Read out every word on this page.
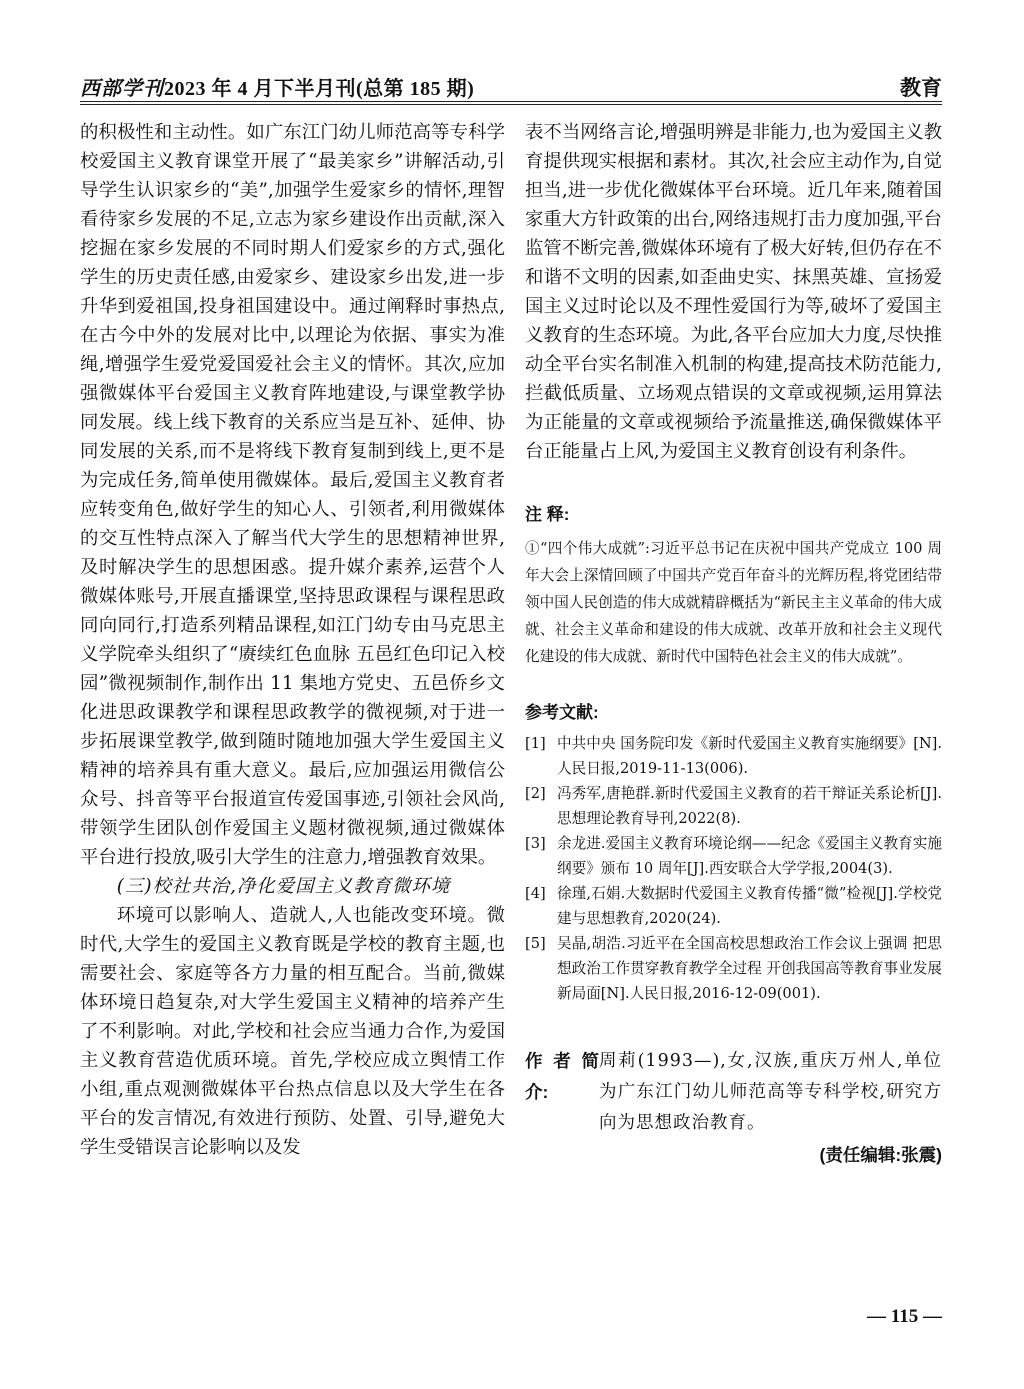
西部学刊2023 年 4 月下半月刊(总第 185 期)	教育

的积极性和主动性。如广东江门幼儿师范高等专科学校爱国主义教育课堂开展了“最美家乡”讲解活动,引导学生认识家乡的“美”,加强学生爱家乡的情怀,理智看待家乡发展的不足,立志为家乡建设作出贡献,深入挖掘在家乡发展的不同时期人们爱家乡的方式,强化学生的历史责任感,由爱家乡、建设家乡出发,进一步升华到爱祖国,投身祖国建设中。通过阐释时事热点,在古今中外的发展对比中,以理论为依据、事实为准绳,增强学生爱党爱国爱社会主义的情怀。其次,应加强微媒体平台爱国主义教育阵地建设,与课堂教学协同发展。线上线下教育的关系应当是互补、延伸、协同发展的关系,而不是将线下教育复制到线上,更不是为完成任务,简单使用微媒体。最后,爱国主义教育者应转变角色,做好学生的知心人、引领者,利用微媒体的交互性特点深入了解当代大学生的思想精神世界,及时解决学生的思想困惑。提升媒介素养,运营个人微媒体账号,开展直播课堂,坚持思政课程与课程思政同向同行,打造系列精品课程,如江门幼专由马克思主义学院牵头组织了“赓续红色血脉 五邑红色印记入校园”微视频制作,制作出 11 集地方党史、五邑侨乡文化进思政课教学和课程思政教学的微视频,对于进一步拓展课堂教学,做到随时随地加强大学生爱国主义精神的培养具有重大意义。最后,应加强运用微信公众号、抖音等平台报道宣传爱国事迹,引领社会风尚,带领学生团队创作爱国主义题材微视频,通过微媒体平台进行投放,吸引大学生的注意力,增强教育效果。

(三)校社共治,净化爱国主义教育微环境

环境可以影响人、造就人,人也能改变环境。微时代,大学生的爱国主义教育既是学校的教育主题,也需要社会、家庭等各方力量的相互配合。当前,微媒体环境日趋复杂,对大学生爱国主义精神的培养产生了不利影响。对此,学校和社会应当通力合作,为爱国主义教育营造优质环境。首先,学校应成立舆情工作小组,重点观测微媒体平台热点信息以及大学生在各平台的发言情况,有效进行预防、处置、引导,避免大学生受错误言论影响以及发

表不当网络言论,增强明辨是非能力,也为爱国主义教育提供现实根据和素材。其次,社会应主动作为,自觉担当,进一步优化微媒体平台环境。近几年来,随着国家重大方针政策的出台,网络违规打击力度加强,平台监管不断完善,微媒体环境有了极大好转,但仍存在不和谐不文明的因素,如歪曲史实、抹黑英雄、宣扬爱国主义过时论以及不理性爱国行为等,破坏了爱国主义教育的生态环境。为此,各平台应加大力度,尽快推动全平台实名制准入机制的构建,提高技术防范能力,拦截低质量、立场观点错误的文章或视频,运用算法为正能量的文章或视频给予流量推送,确保微媒体平台正能量占上风,为爱国主义教育创设有利条件。

注 释:

①“四个伟大成就”:习近平总书记在庆祝中国共产党成立 100 周年大会上深情回顾了中国共产党百年奋斗的光辉历程,将党团结带领中国人民创造的伟大成就精辟概括为“新民主主义革命的伟大成就、社会主义革命和建设的伟大成就、改革开放和社会主义现代化建设的伟大成就、新时代中国特色社会主义的伟大成就”。

参考文献:
[1] 中共中央 国务院印发《新时代爱国主义教育实施纲要》[N].人民日报,2019-11-13(006).
[2] 冯秀军,唐艳群.新时代爱国主义教育的若干辩证关系论析[J].思想理论教育导刊,2022(8).
[3] 余龙进.爱国主义教育环境论纲——纪念《爱国主义教育实施纲要》颁布 10 周年[J].西安联合大学学报,2004(3).
[4] 徐瑾,石娟.大数据时代爱国主义教育传播“微”检视[J].学校党建与思想教育,2020(24).
[5] 吴晶,胡浩.习近平在全国高校思想政治工作会议上强调 把思想政治工作贯穿教育教学全过程 开创我国高等教育事业发展新局面[N].人民日报,2016-12-09(001).
作者简介:
周莉(1993—),女,汉族,重庆万州人,单位为广东江门幼儿师范高等专科学校,研究方向为思想政治教育。
(责任编辑:张震)
— 115 —
